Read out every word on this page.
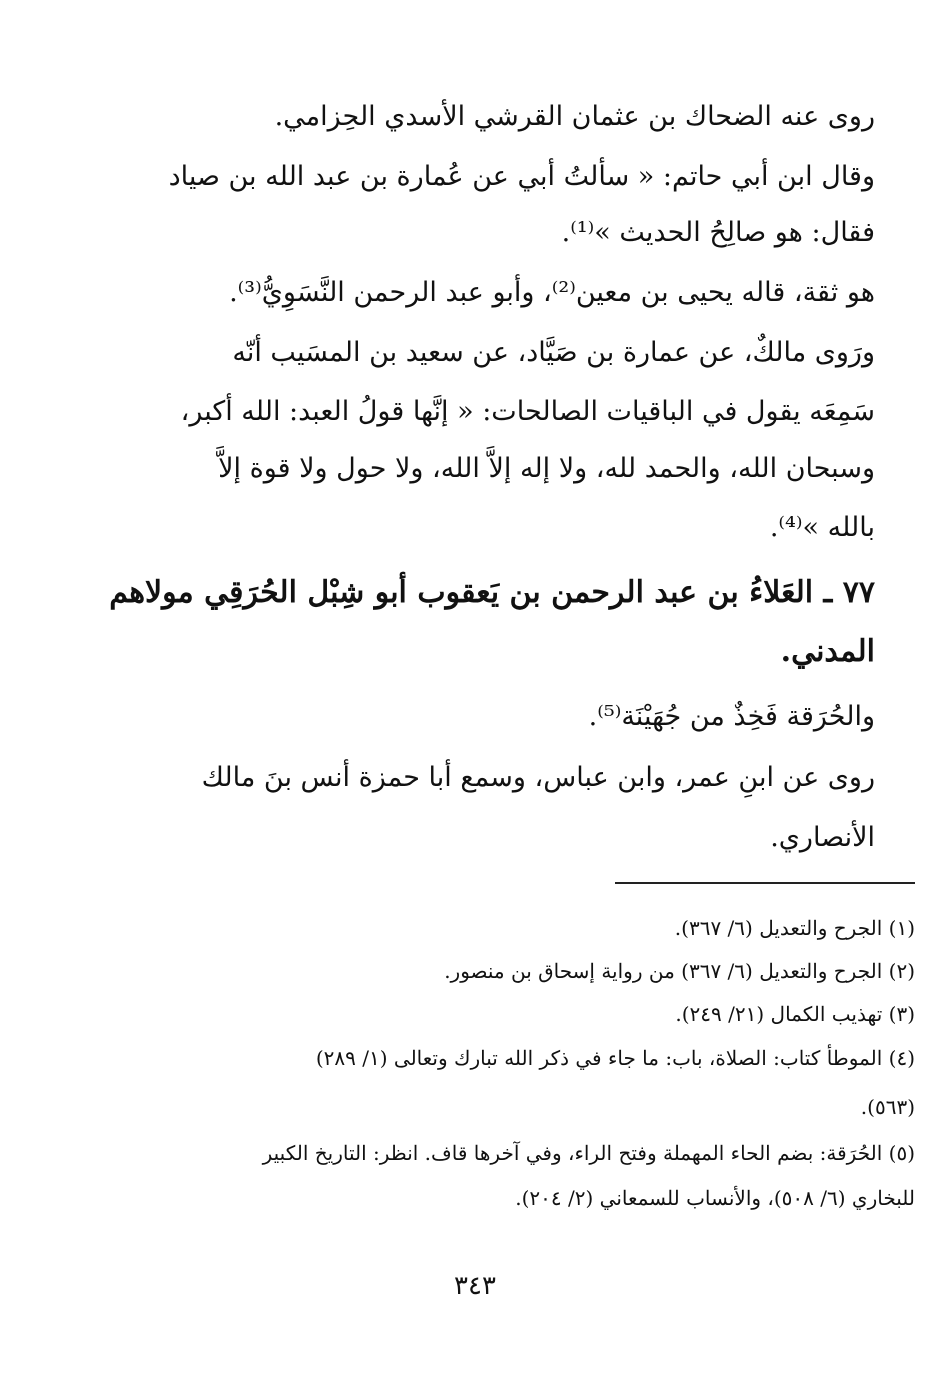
روى عنه الضحاك بن عثمان القرشي الأسدي الحِزامي.
وقال ابن أبي حاتم: « سألتُ أبي عن عُمارة بن عبد الله بن صياد
فقال: هو صالِحُ الحديث »⁽¹⁾.
هو ثقة، قاله يحيى بن معين⁽²⁾، وأبو عبد الرحمن النَّسَوِيُّ⁽³⁾.
ورَوى مالكٌ، عن عمارة بن صَيَّاد، عن سعيد بن المسَيب أنّه
سَمِعَه يقول في الباقيات الصالحات: « إنَّها قولُ العبد: الله أكبر،
وسبحان الله، والحمد لله، ولا إله إلاَّ الله، ولا حول ولا قوة إلاَّ
بالله »⁽⁴⁾.
٧٧ ـ العَلاءُ بن عبد الرحمن بن يَعقوب أبو شِبْل الحُرَقِي مولاهم
المدني.
والحُرَقة فَخِذٌ من جُهَيْنَة⁽⁵⁾.
روى عن ابنِ عمر، وابن عباس، وسمع أبا حمزة أنس بنَ مالك
الأنصاري.
(١) الجرح والتعديل (٦/ ٣٦٧).
(٢) الجرح والتعديل (٦/ ٣٦٧) من رواية إسحاق بن منصور.
(٣) تهذيب الكمال (٢١/ ٢٤٩).
(٤) الموطأ كتاب: الصلاة، باب: ما جاء في ذكر الله تبارك وتعالى (١/ ٢٨٩)
(٥٦٣).
(٥) الحُرَقة: بضم الحاء المهملة وفتح الراء، وفي آخرها قاف. انظر: التاريخ الكبير
للبخاري (٦/ ٥٠٨)، والأنساب للسمعاني (٢/ ٢٠٤).
٣٤٣
